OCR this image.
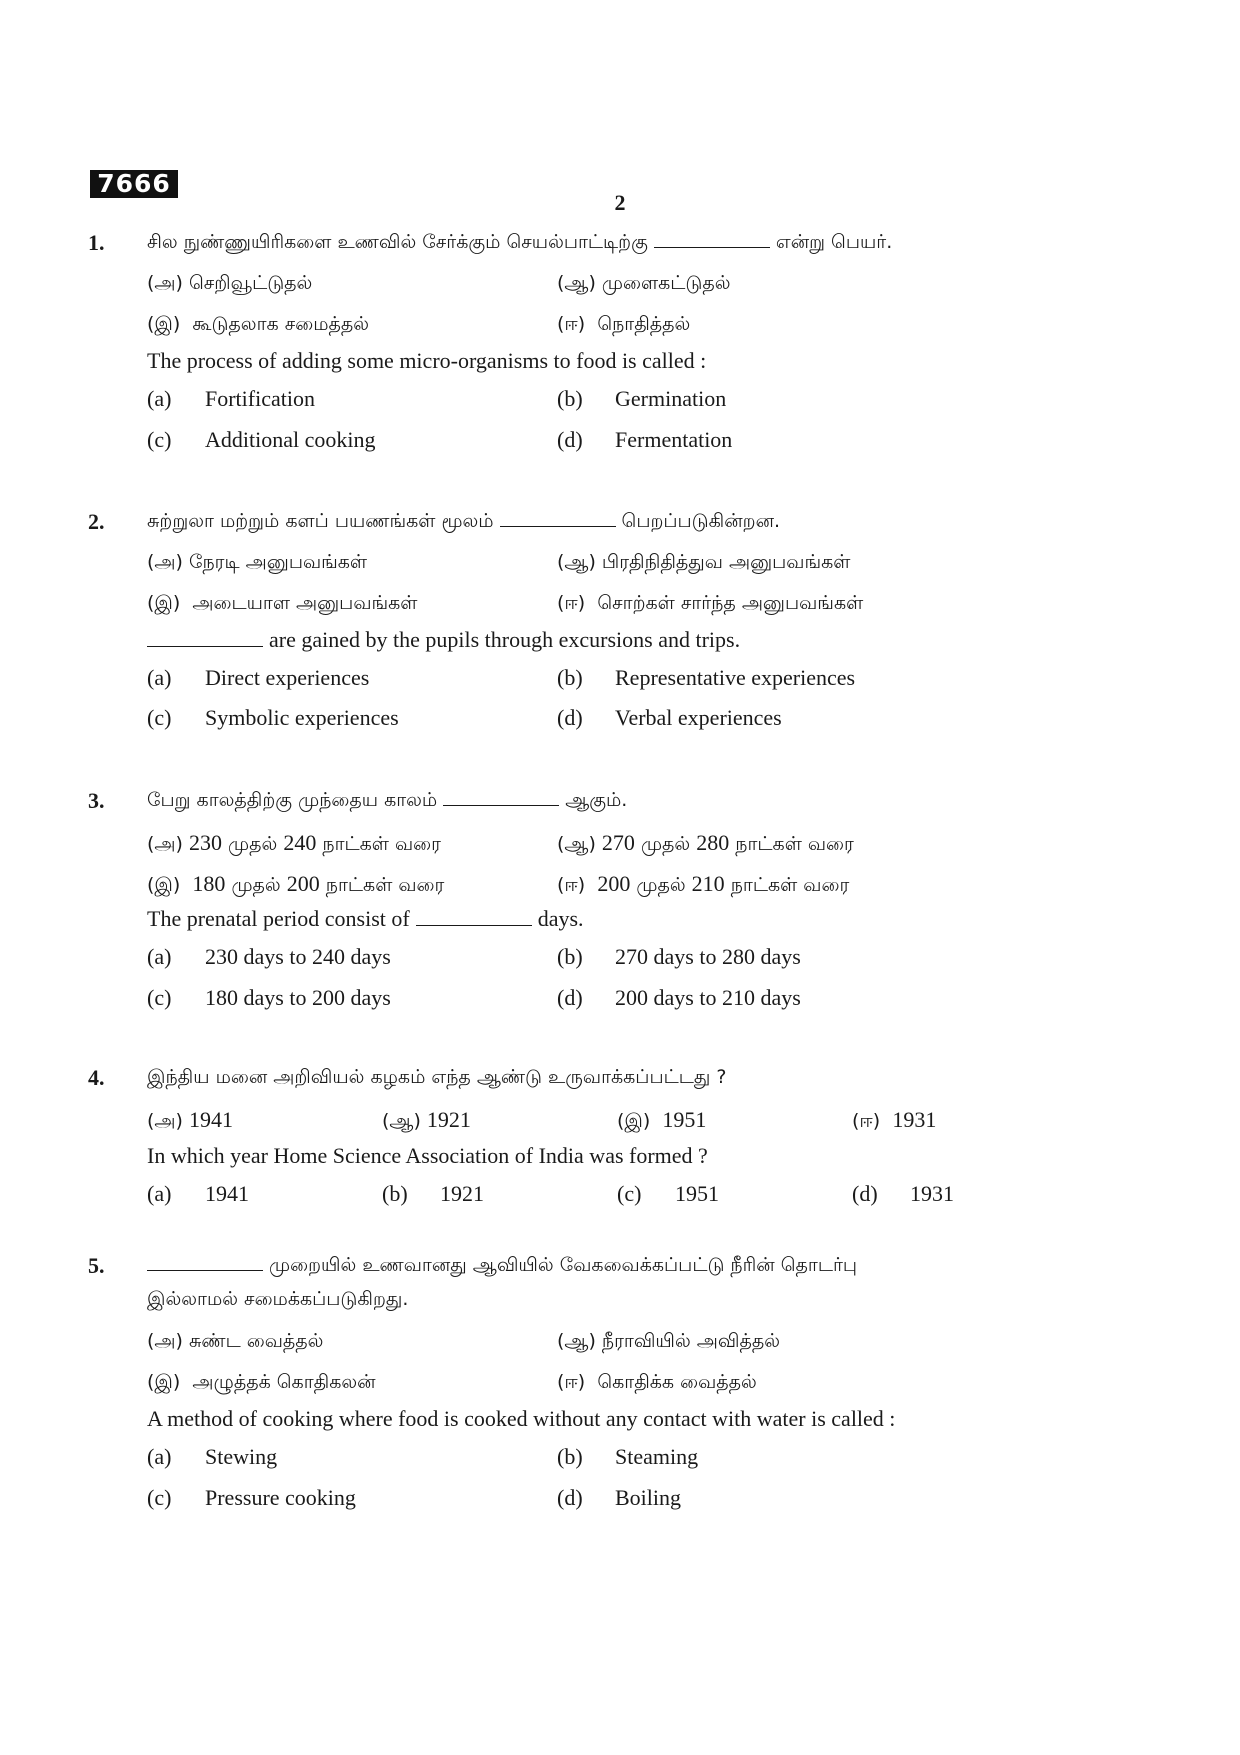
7666
2
1. சில நுண்ணுயிரிகளை உணவில் சேர்க்கும் செயல்பாட்டிற்கு	என்று பெயர்.
(அ) செறிவூட்டுதல்	(ஆ) முளைகட்டுதல்
(இ) கூடுதலாக சமைத்தல்	(ஈ) நொதித்தல்
The process of adding some micro-organisms to food is called :
(a) Fortification	(b) Germination
(c) Additional cooking	(d) Fermentation
2. சுற்றுலா மற்றும் களப் பயணங்கள் மூலம்	பெறப்படுகின்றன.
(அ) நேரடி அனுபவங்கள்	(ஆ) பிரதிநிதித்துவ அனுபவங்கள்
(இ) அடையாள அனுபவங்கள்	(ஈ) சொற்கள் சார்ந்த அனுபவங்கள்
are gained by the pupils through excursions and trips.
(a) Direct experiences	(b) Representative experiences
(c) Symbolic experiences	(d) Verbal experiences
3. பேறு காலத்திற்கு முந்தைய காலம்	ஆகும்.
(அ) 230 முதல் 240 நாட்கள் வரை	(ஆ) 270 முதல் 280 நாட்கள் வரை
(இ) 180 முதல் 200 நாட்கள் வரை	(ஈ) 200 முதல் 210 நாட்கள் வரை
The prenatal period consist of	days.
(a) 230 days to 240 days	(b) 270 days to 280 days
(c) 180 days to 200 days	(d) 200 days to 210 days
4. இந்திய மனை அறிவியல் கழகம் எந்த ஆண்டு உருவாக்கப்பட்டது ?
(அ) 1941	(ஆ) 1921	(இ) 1951	(ஈ) 1931
In which year Home Science Association of India was formed ?
(a) 1941	(b) 1921	(c) 1951	(d) 1931
5.	முறையில் உணவானது ஆவியில் வேகவைக்கப்பட்டு நீரின் தொடர்பு
இல்லாமல் சமைக்கப்படுகிறது.
(அ) சுண்ட வைத்தல்	(ஆ) நீராவியில் அவித்தல்
(இ) அழுத்தக் கொதிகலன்	(ஈ) கொதிக்க வைத்தல்
A method of cooking where food is cooked without any contact with water is called :
(a) Stewing	(b) Steaming
(c) Pressure cooking	(d) Boiling
